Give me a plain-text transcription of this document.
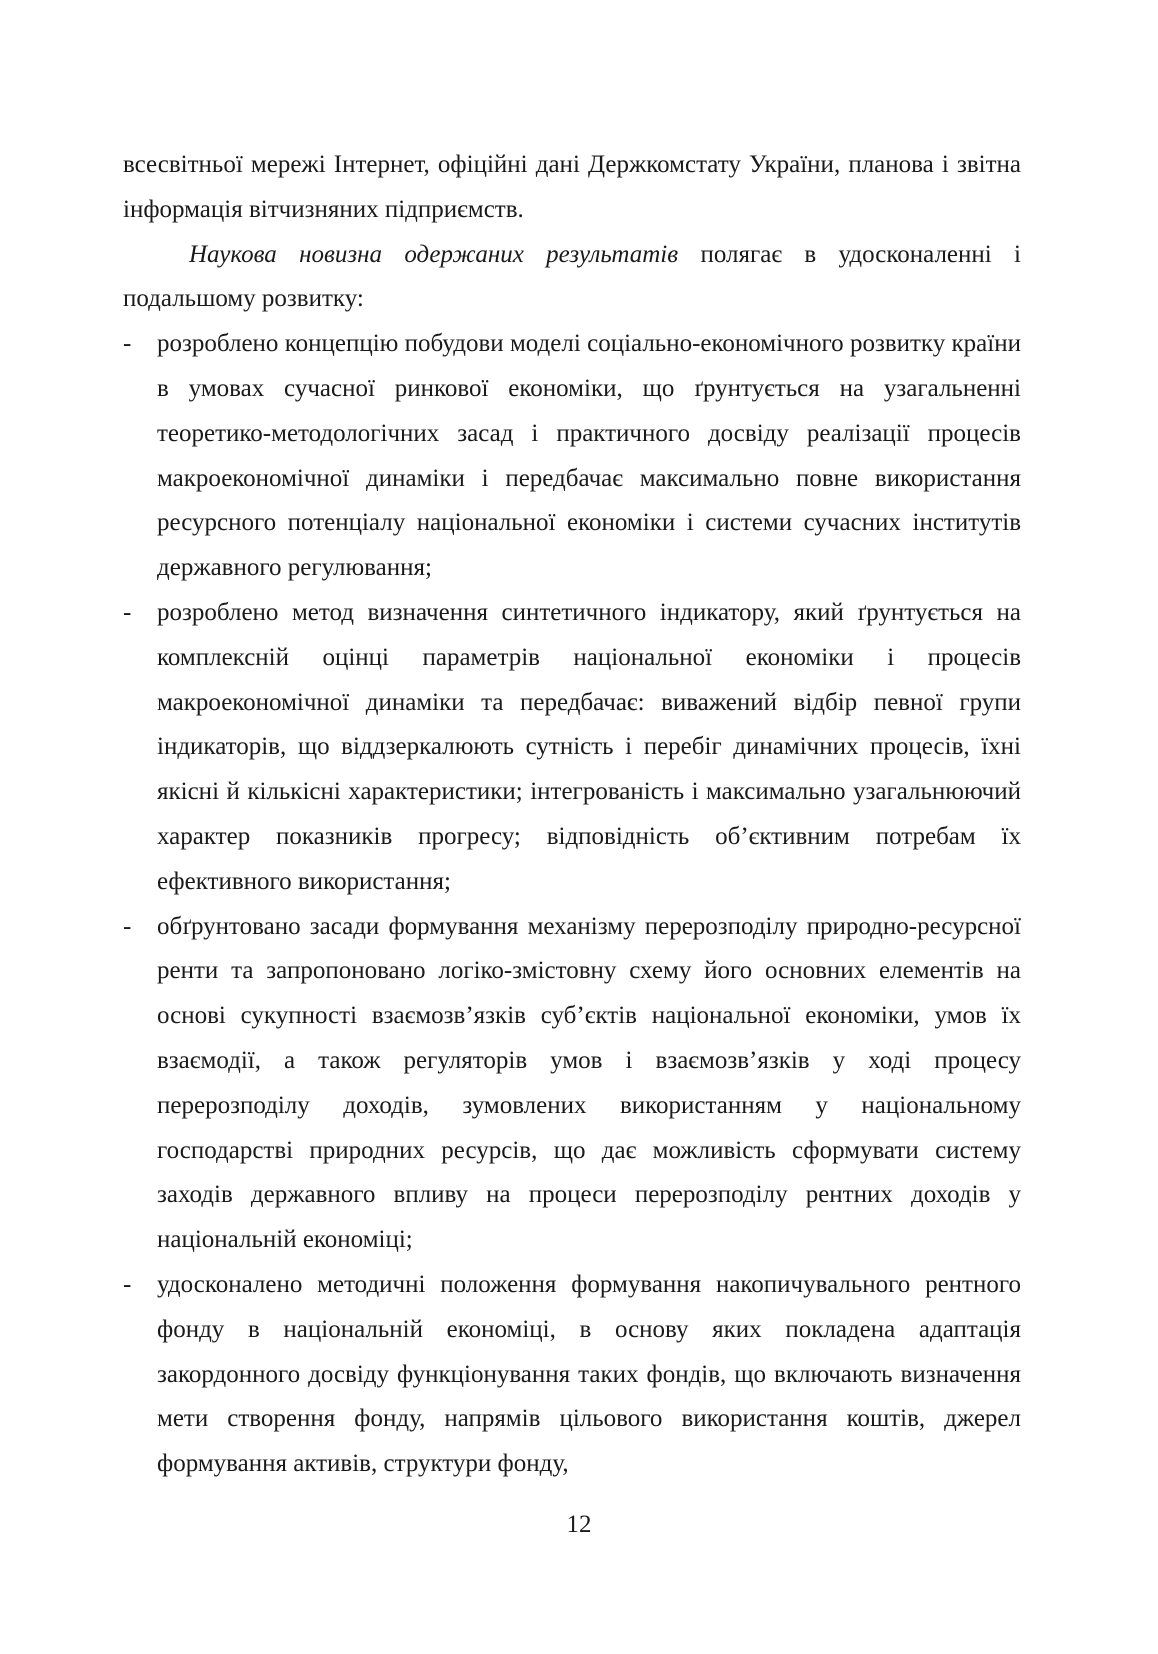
всесвітньої мережі Інтернет, офіційні дані Держкомстату України, планова і звітна інформація вітчизняних підприємств.

Наукова новизна одержаних результатів полягає в удосконаленні і подальшому розвитку:

- розроблено концепцію побудови моделі соціально-економічного розвитку країни в умовах сучасної ринкової економіки, що ґрунтується на узагальненні теоретико-методологічних засад і практичного досвіду реалізації процесів макроекономічної динаміки і передбачає максимально повне використання ресурсного потенціалу національної економіки і системи сучасних інститутів державного регулювання;
- розроблено метод визначення синтетичного індикатору, який ґрунтується на комплексній оцінці параметрів національної економіки і процесів макроекономічної динаміки та передбачає: виважений відбір певної групи індикаторів, що віддзеркалюють сутність і перебіг динамічних процесів, їхні якісні й кількісні характеристики; інтегрованість і максимально узагальнюючий характер показників прогресу; відповідність об’єктивним потребам їх ефективного використання;
- обґрунтовано засади формування механізму перерозподілу природно-ресурсної ренти та запропоновано логіко-змістовну схему його основних елементів на основі сукупності взаємозв’язків суб’єктів національної економіки, умов їх взаємодії, а також регуляторів умов і взаємозв’язків у ході процесу перерозподілу доходів, зумовлених використанням у національному господарстві природних ресурсів, що дає можливість сформувати систему заходів державного впливу на процеси перерозподілу рентних доходів у національній економіці;
- удосконалено методичні положення формування накопичувального рентного фонду в національній економіці, в основу яких покладена адаптація закордонного досвіду функціонування таких фондів, що включають визначення мети створення фонду, напрямів цільового використання коштів, джерел формування активів, структури фонду,
12
